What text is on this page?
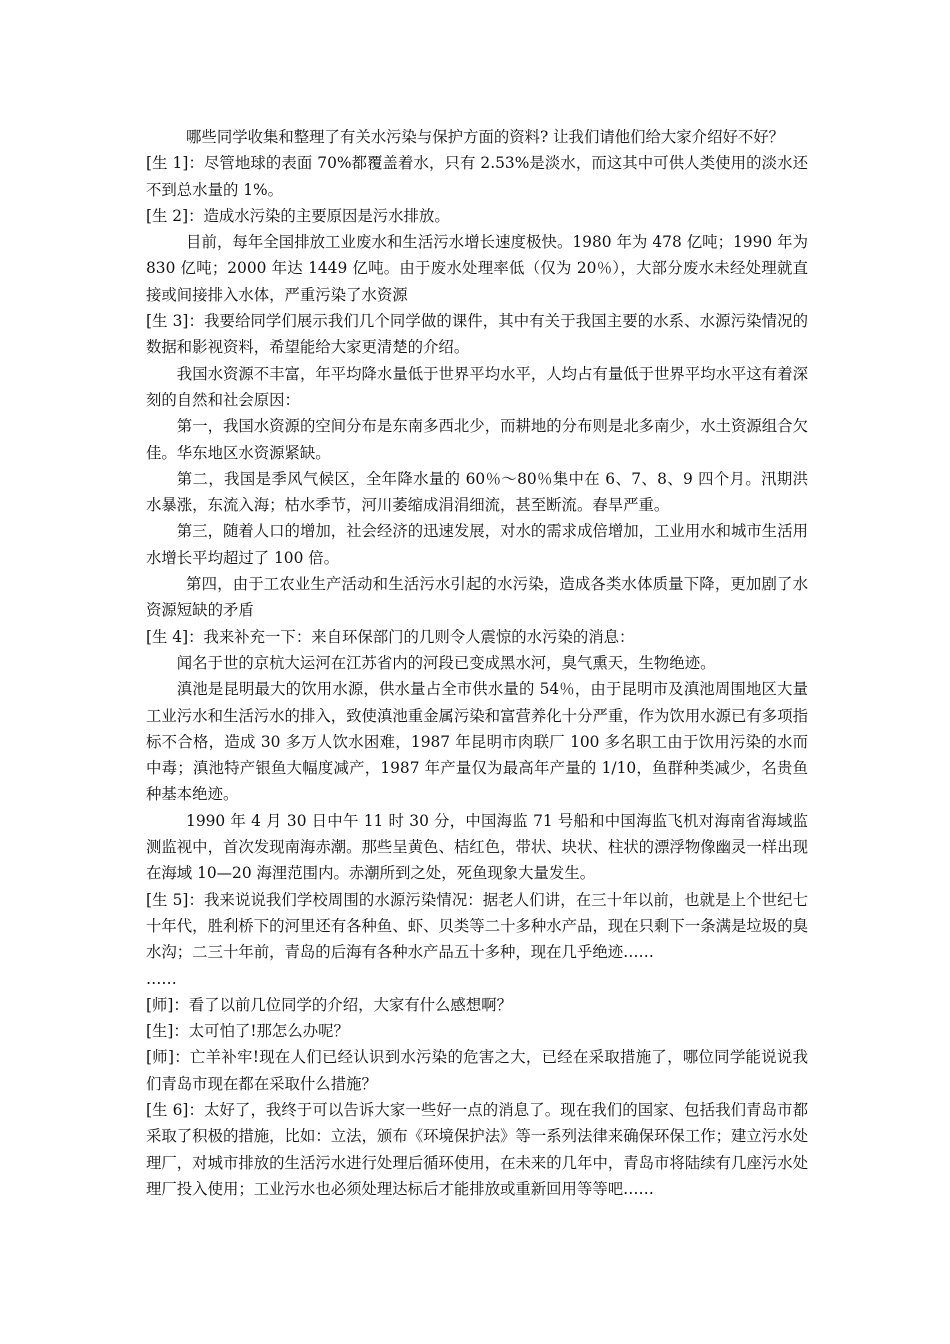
哪些同学收集和整理了有关水污染与保护方面的资料? 让我们请他们给大家介绍好不好？

[生 1]：尽管地球的表面 70%都覆盖着水，只有 2.53%是淡水，而这其中可供人类使用的淡水还不到总水量的 1%。

[生 2]：造成水污染的主要原因是污水排放。

目前，每年全国排放工业废水和生活污水增长速度极快。1980 年为 478 亿吨；1990 年为 830 亿吨；2000 年达 1449 亿吨。由于废水处理率低（仅为 20％），大部分废水未经处理就直接或间接排入水体，严重污染了水资源

[生 3]：我要给同学们展示我们几个同学做的课件，其中有关于我国主要的水系、水源污染情况的数据和影视资料，希望能给大家更清楚的介绍。

我国水资源不丰富，年平均降水量低于世界平均水平，人均占有量低于世界平均水平这有着深刻的自然和社会原因：

第一，我国水资源的空间分布是东南多西北少，而耕地的分布则是北多南少，水土资源组合欠佳。华东地区水资源紧缺。

第二，我国是季风气候区，全年降水量的 60％～80％集中在 6、7、8、9 四个月。汛期洪水暴涨，东流入海；枯水季节，河川萎缩成涓涓细流，甚至断流。春旱严重。

第三，随着人口的增加，社会经济的迅速发展，对水的需求成倍增加，工业用水和城市生活用水增长平均超过了 100 倍。

第四，由于工农业生产活动和生活污水引起的水污染，造成各类水体质量下降，更加剧了水资源短缺的矛盾

[生 4]：我来补充一下：来自环保部门的几则令人震惊的水污染的消息：

闻名于世的京杭大运河在江苏省内的河段已变成黑水河，臭气熏天，生物绝迹。

滇池是昆明最大的饮用水源，供水量占全市供水量的 54％，由于昆明市及滇池周围地区大量工业污水和生活污水的排入，致使滇池重金属污染和富营养化十分严重，作为饮用水源已有多项指标不合格，造成 30 多万人饮水困难，1987 年昆明市肉联厂 100 多名职工由于饮用污染的水而中毒；滇池特产银鱼大幅度减产，1987 年产量仅为最高年产量的 1/10，鱼群种类减少，名贵鱼种基本绝迹。

1990 年 4 月 30 日中午 11 时 30 分，中国海监 71 号船和中国海监飞机对海南省海域监测监视中，首次发现南海赤潮。那些呈黄色、桔红色，带状、块状、柱状的漂浮物像幽灵一样出现在海域 10—20 海浬范围内。赤潮所到之处，死鱼现象大量发生。

[生 5]：我来说说我们学校周围的水源污染情况：据老人们讲，在三十年以前，也就是上个世纪七十年代，胜利桥下的河里还有各种鱼、虾、贝类等二十多种水产品，现在只剩下一条满是垃圾的臭水沟；二三十年前，青岛的后海有各种水产品五十多种，现在几乎绝迹……

……

[师]：看了以前几位同学的介绍，大家有什么感想啊？

[生]：太可怕了!那怎么办呢？

[师]：亡羊补牢!现在人们已经认识到水污染的危害之大，已经在采取措施了，哪位同学能说说我们青岛市现在都在采取什么措施？

[生 6]：太好了，我终于可以告诉大家一些好一点的消息了。现在我们的国家、包括我们青岛市都采取了积极的措施，比如：立法，颁布《环境保护法》等一系列法律来确保环保工作；建立污水处理厂，对城市排放的生活污水进行处理后循环使用，在未来的几年中，青岛市将陆续有几座污水处理厂投入使用；工业污水也必须处理达标后才能排放或重新回用等等吧……
